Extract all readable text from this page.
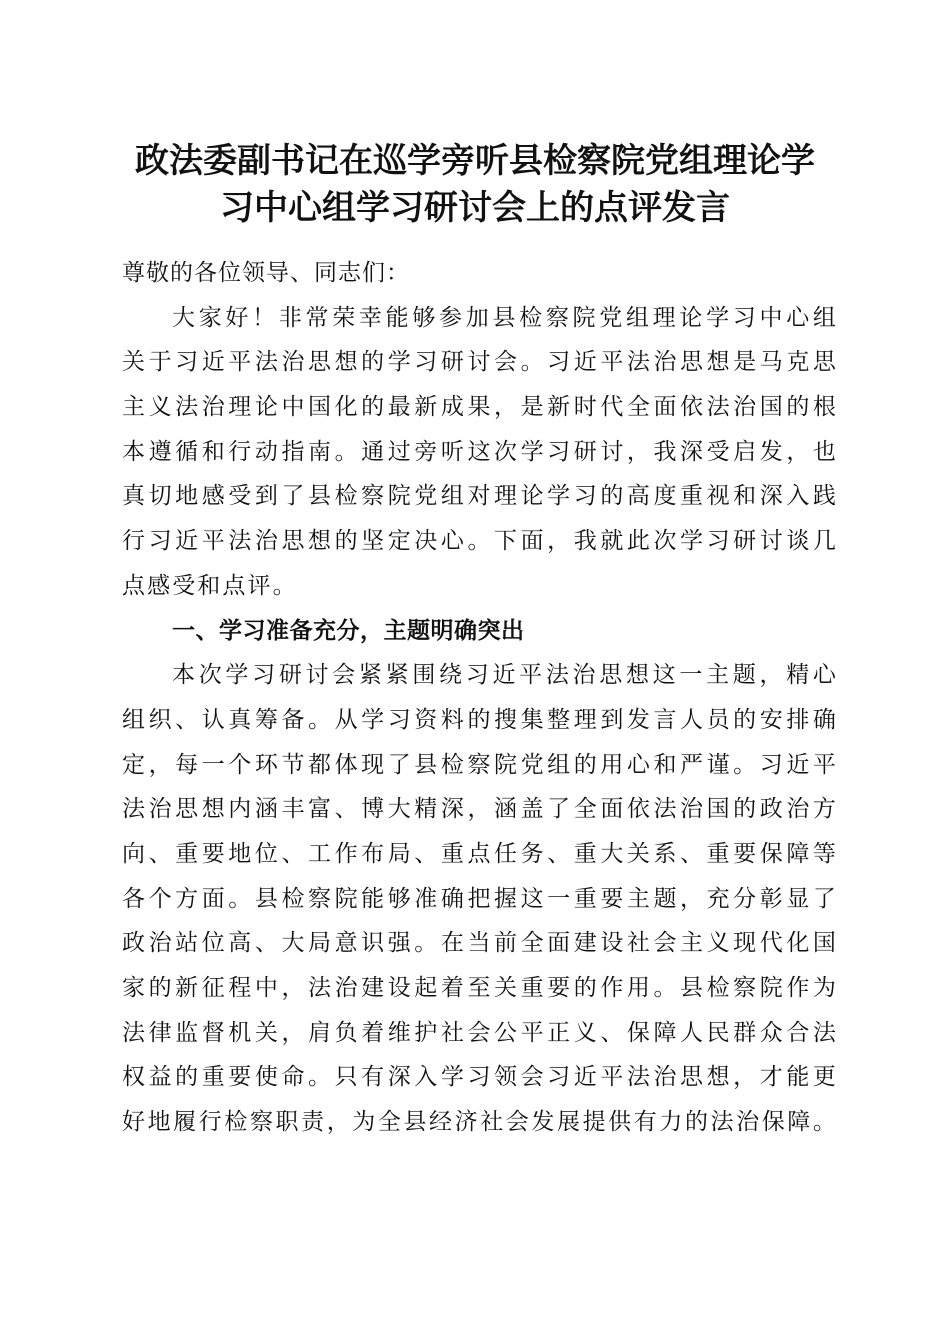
政法委副书记在巡学旁听县检察院党组理论学
习中心组学习研讨会上的点评发言
尊敬的各位领导、同志们：
大家好！非常荣幸能够参加县检察院党组理论学习中心组
关于习近平法治思想的学习研讨会。习近平法治思想是马克思
主义法治理论中国化的最新成果，是新时代全面依法治国的根
本遵循和行动指南。通过旁听这次学习研讨，我深受启发，也
真切地感受到了县检察院党组对理论学习的高度重视和深入践
行习近平法治思想的坚定决心。下面，我就此次学习研讨谈几
点感受和点评。
一、学习准备充分，主题明确突出
本次学习研讨会紧紧围绕习近平法治思想这一主题，精心
组织、认真筹备。从学习资料的搜集整理到发言人员的安排确
定，每一个环节都体现了县检察院党组的用心和严谨。习近平
法治思想内涵丰富、博大精深，涵盖了全面依法治国的政治方
向、重要地位、工作布局、重点任务、重大关系、重要保障等
各个方面。县检察院能够准确把握这一重要主题，充分彰显了
政治站位高、大局意识强。在当前全面建设社会主义现代化国
家的新征程中，法治建设起着至关重要的作用。县检察院作为
法律监督机关，肩负着维护社会公平正义、保障人民群众合法
权益的重要使命。只有深入学习领会习近平法治思想，才能更
好地履行检察职责，为全县经济社会发展提供有力的法治保障。
